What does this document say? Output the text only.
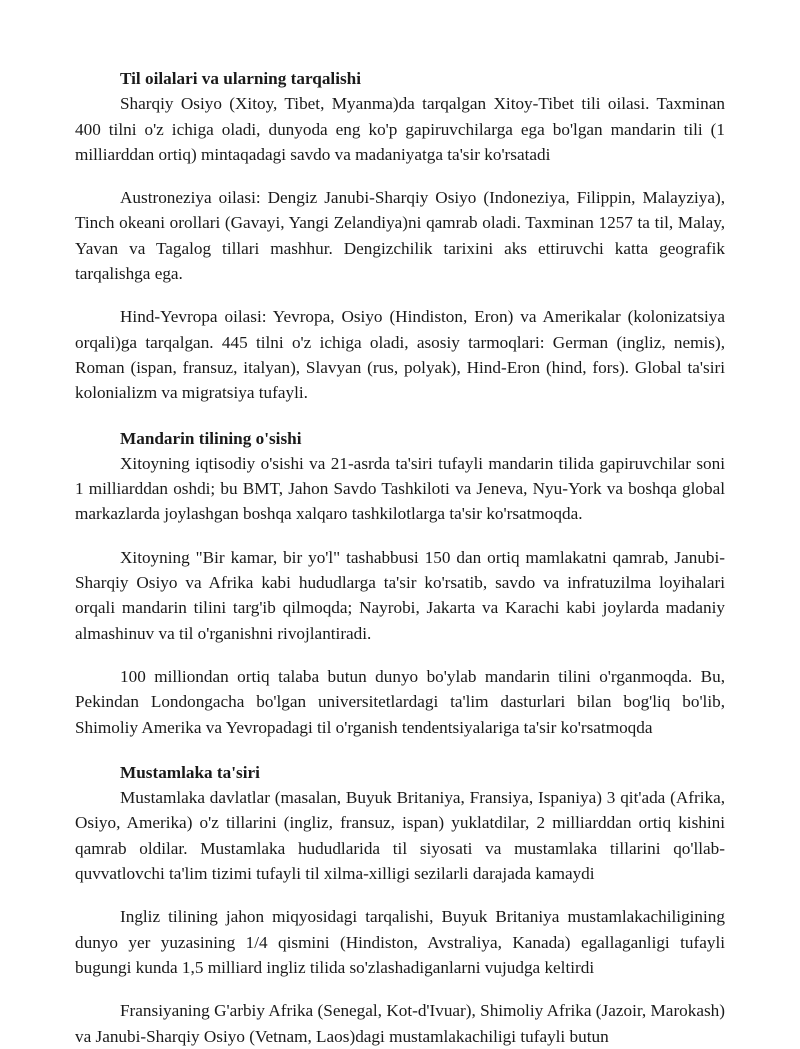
Til oilalari va ularning tarqalishi

Sharqiy Osiyo (Xitoy, Tibet, Myanma)da tarqalgan Xitoy-Tibet tili oilasi. Taxminan 400 tilni o'z ichiga oladi, dunyoda eng ko'p gapiruvchilarga ega bo'lgan mandarin tili (1 milliarddan ortiq) mintaqadagi savdo va madaniyatga ta'sir ko'rsatadi

Austroneziya oilasi: Dengiz Janubi-Sharqiy Osiyo (Indoneziya, Filippin, Malayziya), Tinch okeani orollari (Gavayi, Yangi Zelandiya)ni qamrab oladi. Taxminan 1257 ta til, Malay, Yavan va Tagalog tillari mashhur. Dengizchilik tarixini aks ettiruvchi katta geografik tarqalishga ega.

Hind-Yevropa oilasi: Yevropa, Osiyo (Hindiston, Eron) va Amerikalar (kolonizatsiya orqali)ga tarqalgan. 445 tilni o'z ichiga oladi, asosiy tarmoqlari: German (ingliz, nemis), Roman (ispan, fransuz, italyan), Slavyan (rus, polyak), Hind-Eron (hind, fors). Global ta'siri kolonializm va migratsiya tufayli.

Mandarin tilining o'sishi

Xitoyning iqtisodiy o'sishi va 21-asrda ta'siri tufayli mandarin tilida gapiruvchilar soni 1 milliarddan oshdi; bu BMT, Jahon Savdo Tashkiloti va Jeneva, Nyu-York va boshqa global markazlarda joylashgan boshqa xalqaro tashkilotlarga ta'sir ko'rsatmoqda.

Xitoyning "Bir kamar, bir yo'l" tashabbusi 150 dan ortiq mamlakatni qamrab, Janubi-Sharqiy Osiyo va Afrika kabi hududlarga ta'sir ko'rsatib, savdo va infratuzilma loyihalari orqali mandarin tilini targ'ib qilmoqda; Nayrobi, Jakarta va Karachi kabi joylarda madaniy almashinuv va til o'rganishni rivojlantiradi.

100 milliondan ortiq talaba butun dunyo bo'ylab mandarin tilini o'rganmoqda. Bu, Pekindan Londongacha bo'lgan universitetlardagi ta'lim dasturlari bilan bog'liq bo'lib, Shimoliy Amerika va Yevropadagi til o'rganish tendentsiyalariga ta'sir ko'rsatmoqda

Mustamlaka ta'siri

Mustamlaka davlatlar (masalan, Buyuk Britaniya, Fransiya, Ispaniya) 3 qit'ada (Afrika, Osiyo, Amerika) o'z tillarini (ingliz, fransuz, ispan) yuklatdilar, 2 milliarddan ortiq kishini qamrab oldilar. Mustamlaka hududlarida til siyosati va mustamlaka tillarini qo'llab-quvvatlovchi ta'lim tizimi tufayli til xilma-xilligi sezilarli darajada kamaydi

Ingliz tilining jahon miqyosidagi tarqalishi, Buyuk Britaniya mustamlakachiligining dunyo yer yuzasining 1/4 qismini (Hindiston, Avstraliya, Kanada) egallaganligi tufayli bugungi kunda 1,5 milliard ingliz tilida so'zlashadiganlarni vujudga keltirdi

Fransiyaning G'arbiy Afrika (Senegal, Kot-d'Ivuar), Shimoliy Afrika (Jazoir, Marokash) va Janubi-Sharqiy Osiyo (Vetnam, Laos)dagi mustamlakachiligi tufayli butun
